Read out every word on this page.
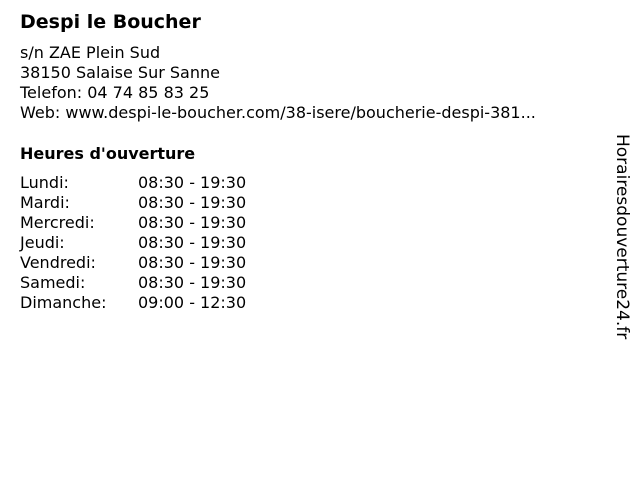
Despi le Boucher
s/n ZAE Plein Sud
38150 Salaise Sur Sanne
Telefon: 04 74 85 83 25
Web: www.despi-le-boucher.com/38-isere/boucherie-despi-381...
Heures d'ouverture
Lundi:	08:30 - 19:30
Mardi:	08:30 - 19:30
Mercredi:	08:30 - 19:30
Jeudi:	08:30 - 19:30
Vendredi:	08:30 - 19:30
Samedi:	08:30 - 19:30
Dimanche: 09:00 - 12:30	Horairesdouverture24.fr
